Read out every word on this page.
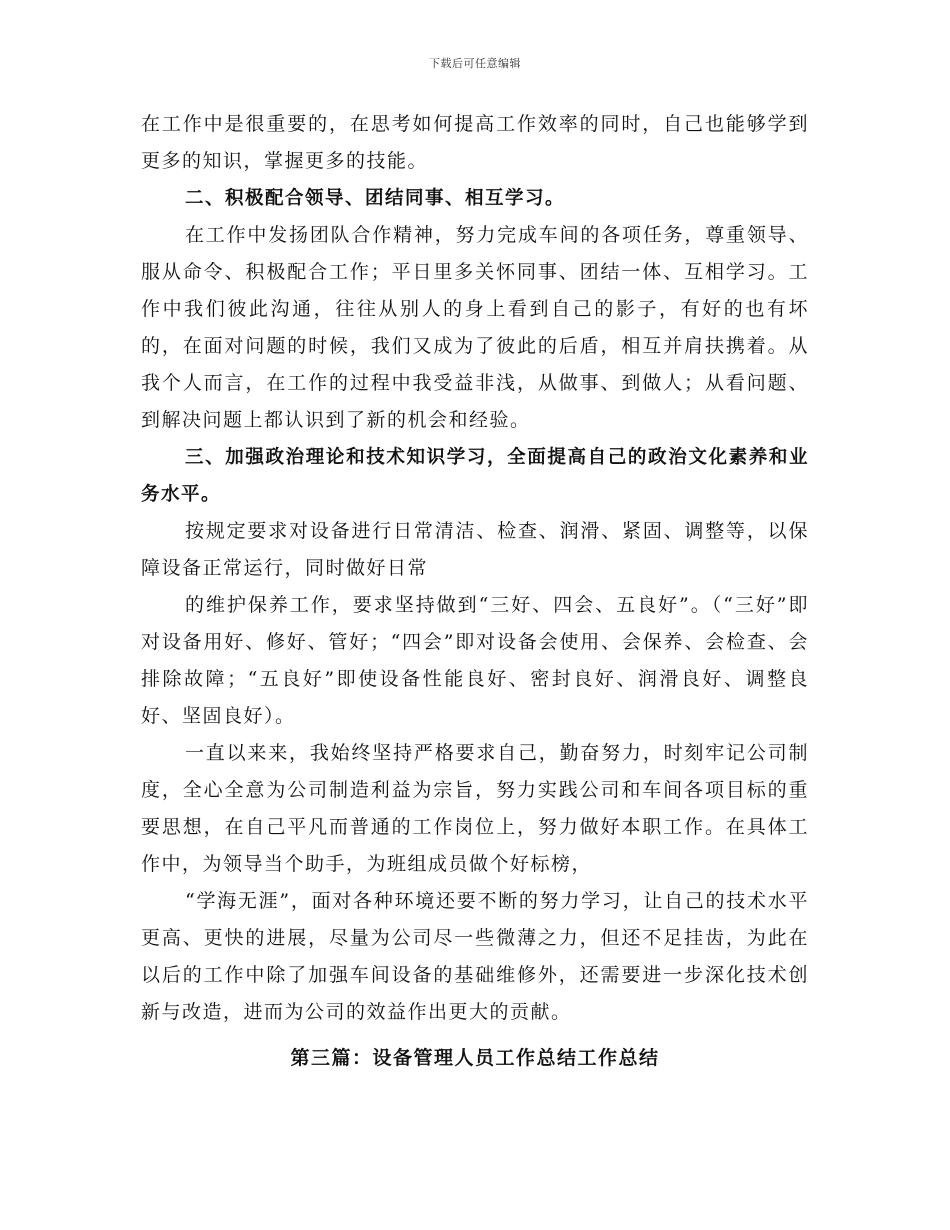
下载后可任意编辑

在工作中是很重要的，在思考如何提高工作效率的同时，自己也能够学到更多的知识，掌握更多的技能。

二、积极配合领导、团结同事、相互学习。

在工作中发扬团队合作精神，努力完成车间的各项任务，尊重领导、服从命令、积极配合工作；平日里多关怀同事、团结一体、互相学习。工作中我们彼此沟通，往往从别人的身上看到自己的影子，有好的也有坏的，在面对问题的时候，我们又成为了彼此的后盾，相互并肩扶携着。从我个人而言，在工作的过程中我受益非浅，从做事、到做人；从看问题、到解决问题上都认识到了新的机会和经验。

三、加强政治理论和技术知识学习，全面提高自己的政治文化素养和业务水平。

按规定要求对设备进行日常清洁、检查、润滑、紧固、调整等，以保障设备正常运行，同时做好日常

的维护保养工作，要求坚持做到“三好、四会、五良好”。（“三好”即对设备用好、修好、管好；“四会”即对设备会使用、会保养、会检查、会排除故障；“五良好”即使设备性能良好、密封良好、润滑良好、调整良好、坚固良好）。

一直以来来，我始终坚持严格要求自己，勤奋努力，时刻牢记公司制度，全心全意为公司制造利益为宗旨，努力实践公司和车间各项目标的重要思想，在自己平凡而普通的工作岗位上，努力做好本职工作。在具体工作中，为领导当个助手，为班组成员做个好标榜，

“学海无涯”，面对各种环境还要不断的努力学习，让自己的技术水平更高、更快的进展，尽量为公司尽一些微薄之力，但还不足挂齿，为此在以后的工作中除了加强车间设备的基础维修外，还需要进一步深化技术创新与改造，进而为公司的效益作出更大的贡献。

第三篇：设备管理人员工作总结工作总结
